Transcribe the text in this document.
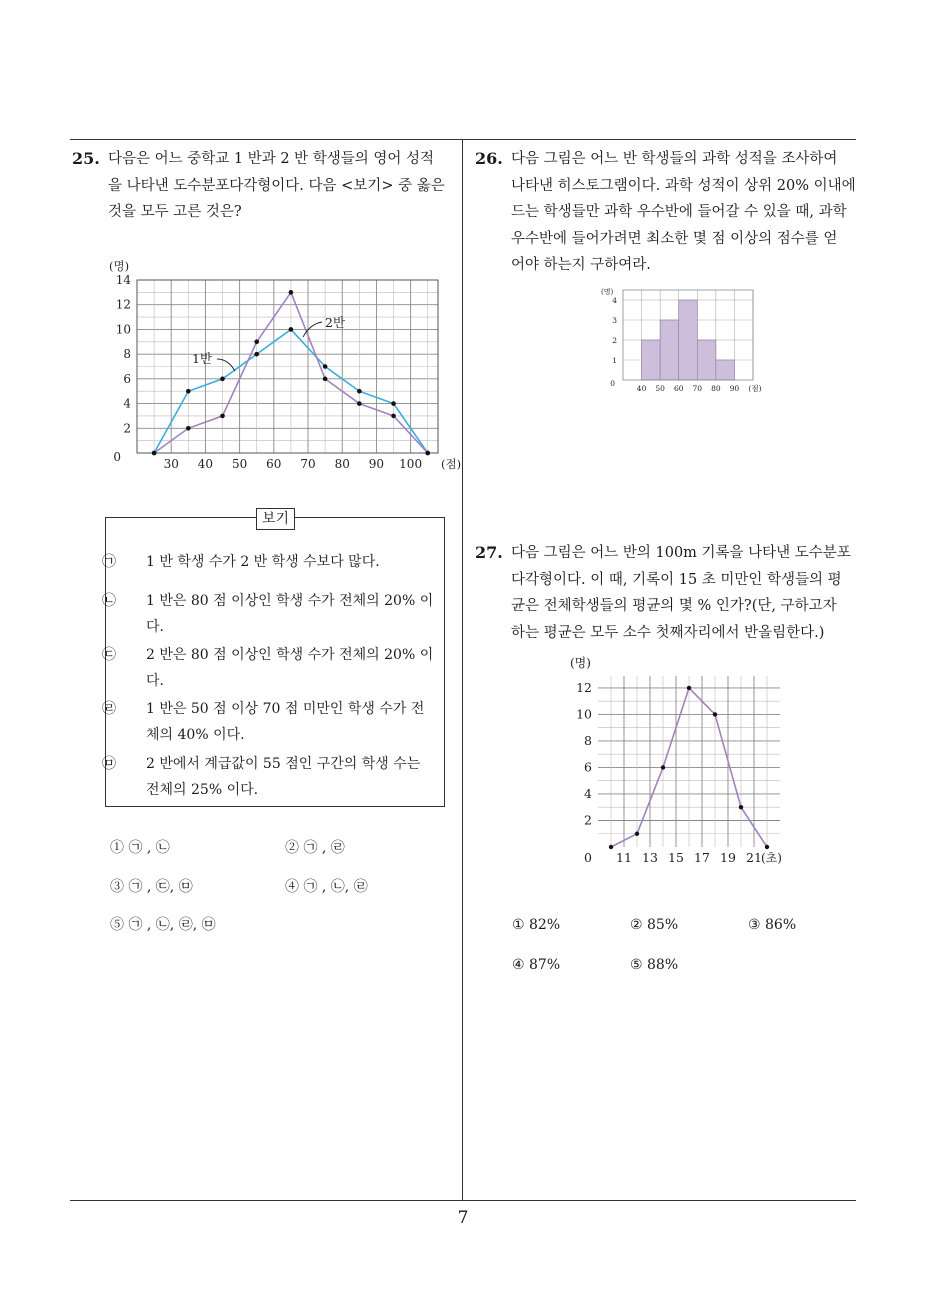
25. 다음은 어느 중학교 1 반과 2 반 학생들의 영어 성적
을 나타낸 도수분포다각형이다. 다음 <보기> 중 옳은
것을 모두 고른 것은?
0
2
4
6
8
10
12
14
30 40 50 60 70 80 90 100
(명)
(점)
1반
2반
보기
㉠ 1 반 학생 수가 2 반 학생 수보다 많다.
㉡ 1 반은 80 점 이상인 학생 수가 전체의 20% 이다.
㉢ 2 반은 80 점 이상인 학생 수가 전체의 20% 이다.
㉣ 1 반은 50 점 이상 70 점 미만인 학생 수가 전체의 40% 이다.
㉤ 2 반에서 계급값이 55 점인 구간의 학생 수는 전체의 25% 이다.
① ㉠ , ㉡	② ㉠ , ㉣
③ ㉠ , ㉢, ㉤	④ ㉠ , ㉡, ㉣
⑤ ㉠ , ㉡, ㉣, ㉤
26. 다음 그림은 어느 반 학생들의 과학 성적을 조사하여
나타낸 히스토그램이다. 과학 성적이 상위 20% 이내에
드는 학생들만 과학 우수반에 들어갈 수 있을 때, 과학
우수반에 들어가려면 최소한 몇 점 이상의 점수를 얻
어야 하는지 구하여라.
0
1
2
3
4
40 50 60 70 80 90
(명)
(점)
27. 다음 그림은 어느 반의 100m 기록을 나타낸 도수분포
다각형이다. 이 때, 기록이 15 초 미만인 학생들의 평
균은 전체학생들의 평균의 몇 % 인가?(단, 구하고자
하는 평균은 모두 소수 첫째자리에서 반올림한다.)
0
2
4
6
8
10
12
11 13 15 17 19 21
(명)
(초)
① 82%	② 85%	③ 86%
④ 87%	⑤ 88%
7
